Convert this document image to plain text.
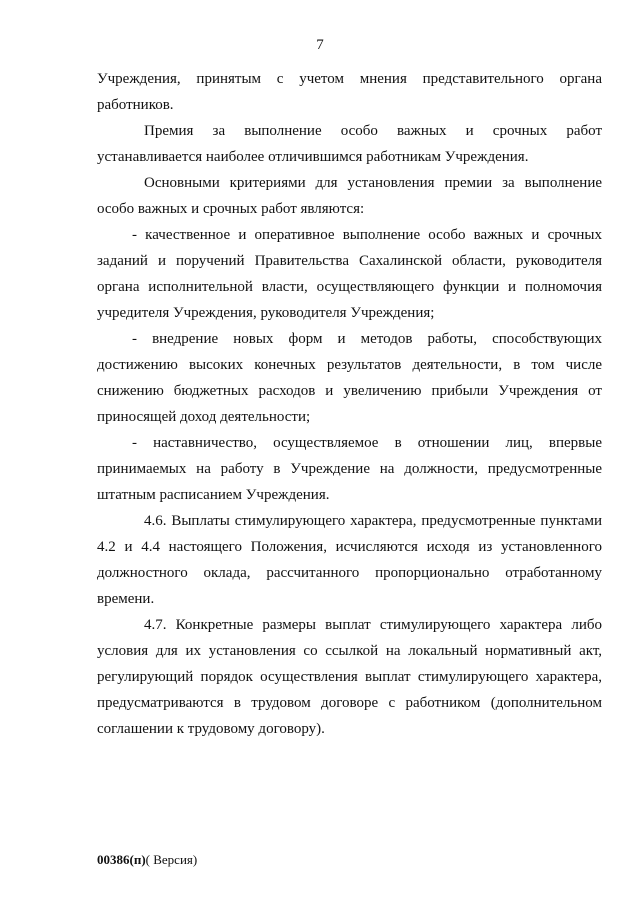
7

Учреждения, принятым с учетом мнения представительного органа работников.

Премия за выполнение особо важных и срочных работ устанавливается наиболее отличившимся работникам Учреждения.

Основными критериями для установления премии за выполнение особо важных и срочных работ являются:

- качественное и оперативное выполнение особо важных и срочных заданий и поручений Правительства Сахалинской области, руководителя органа исполнительной власти, осуществляющего функции и полномочия учредителя Учреждения, руководителя Учреждения;

- внедрение новых форм и методов работы, способствующих достижению высоких конечных результатов деятельности, в том числе снижению бюджетных расходов и увеличению прибыли Учреждения от приносящей доход деятельности;

- наставничество, осуществляемое в отношении лиц, впервые принимаемых на работу в Учреждение на должности, предусмотренные штатным расписанием Учреждения.

4.6. Выплаты стимулирующего характера, предусмотренные пунктами 4.2 и 4.4 настоящего Положения, исчисляются исходя из установленного должностного оклада, рассчитанного пропорционально отработанному времени.

4.7. Конкретные размеры выплат стимулирующего характера либо условия для их установления со ссылкой на локальный нормативный акт, регулирующий порядок осуществления выплат стимулирующего характера, предусматриваются в трудовом договоре с работником (дополнительном соглашении к трудовому договору).

00386(п)( Версия)
